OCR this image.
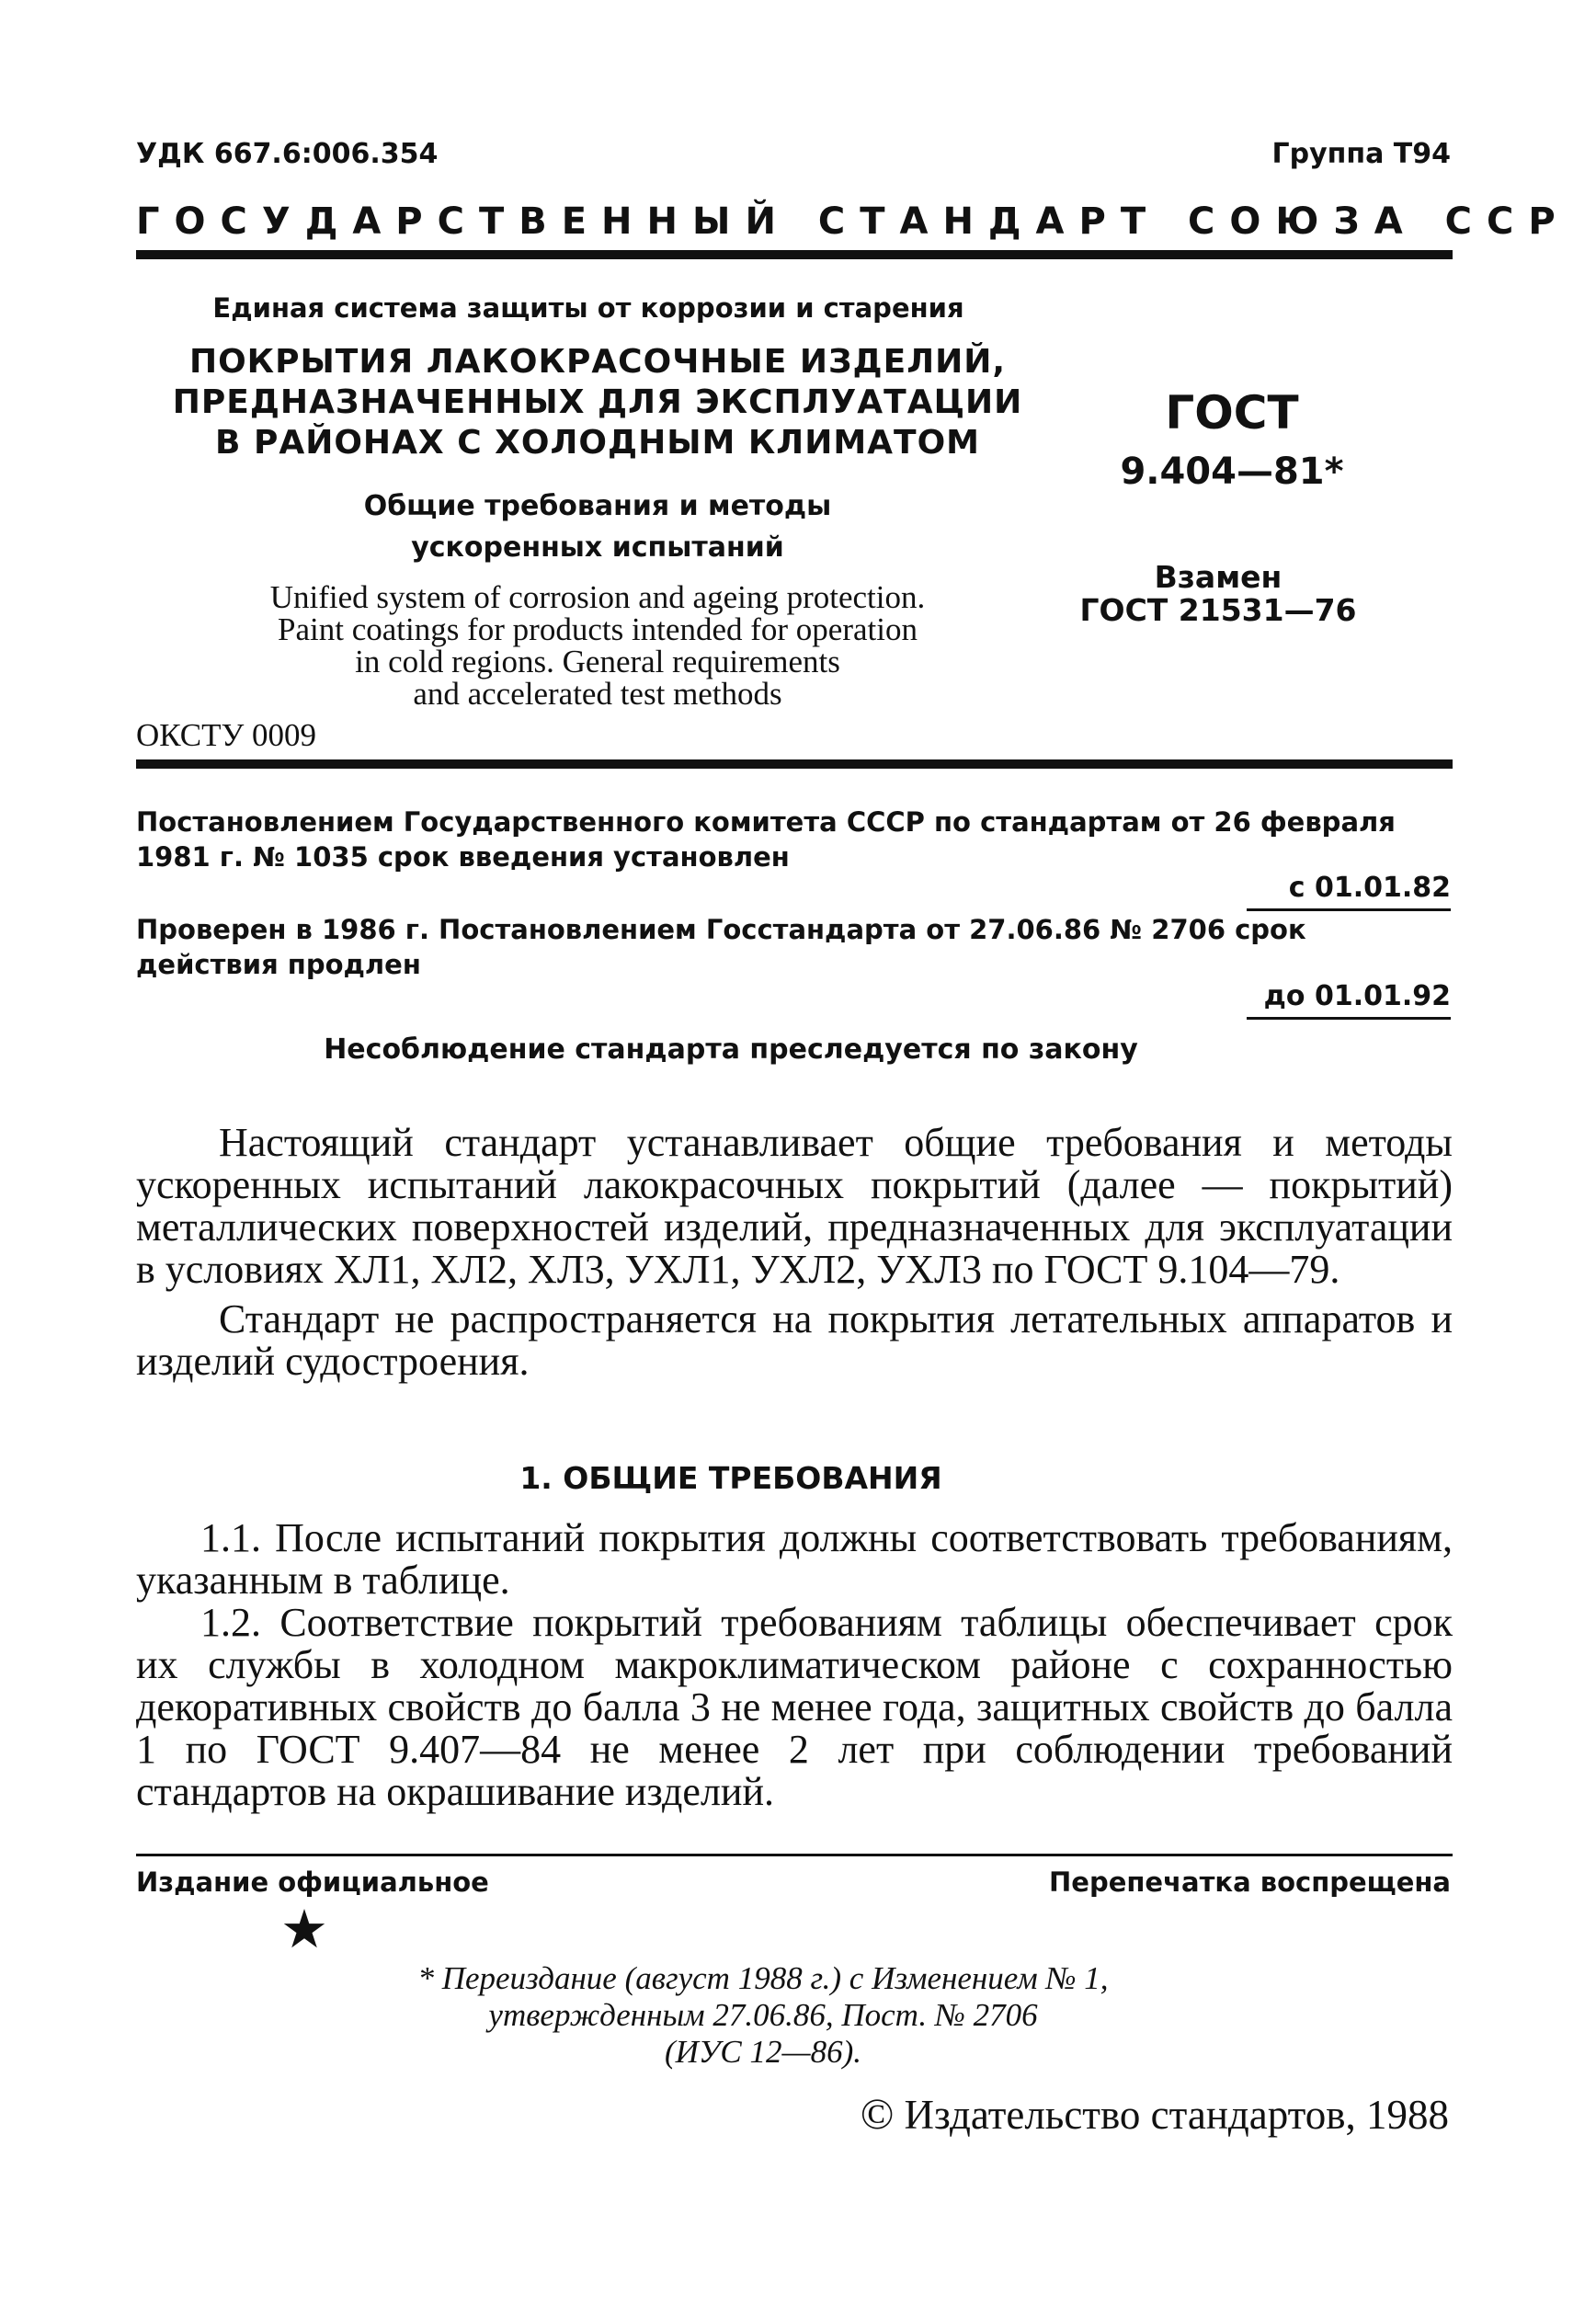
УДК 667.6:006.354	Группа Т94
ГОСУДАРСТВЕННЫЙ СТАНДАРТ СОЮЗА ССР
Единая система защиты от коррозии и старения
ПОКРЫТИЯ ЛАКОКРАСОЧНЫЕ ИЗДЕЛИЙ,
ПРЕДНАЗНАЧЕННЫХ ДЛЯ ЭКСПЛУАТАЦИИ
В РАЙОНАХ С ХОЛОДНЫМ КЛИМАТОМ
Общие требования и методы
ускоренных испытаний
Unified system of corrosion and ageing protection.
Paint coatings for products intended for operation
in cold regions. General requirements
and accelerated test methods
ОКСТУ 0009
ГОСТ
9.404—81*
Взамен
ГОСТ 21531—76
Постановлением Государственного комитета СССР по стандартам от 26 февраля 1981 г. № 1035 срок введения установлен
с 01.01.82
Проверен в 1986 г. Постановлением Госстандарта от 27.06.86 № 2706 срок действия продлен
до 01.01.92
Несоблюдение стандарта преследуется по закону

Настоящий стандарт устанавливает общие требования и методы ускоренных испытаний лакокрасочных покрытий (далее — покрытий) металлических поверхностей изделий, предназначенных для эксплуатации в условиях ХЛ1, ХЛ2, ХЛ3, УХЛ1, УХЛ2, УХЛ3 по ГОСТ 9.104—79.

Стандарт не распространяется на покрытия летательных аппаратов и изделий судостроения.

1. ОБЩИЕ ТРЕБОВАНИЯ

1.1. После испытаний покрытия должны соответствовать требованиям, указанным в таблице.

1.2. Соответствие покрытий требованиям таблицы обеспечивает срок их службы в холодном макроклиматическом районе с сохранностью декоративных свойств до балла 3 не менее года, защитных свойств до балла 1 по ГОСТ 9.407—84 не менее 2 лет при соблюдении требований стандартов на окрашивание изделий.

Издание официальное	Перепечатка воспрещена
★
* Переиздание (август 1988 г.) с Изменением № 1,
утвержденным 27.06.86, Пост. № 2706
(ИУС 12—86).
© Издательство стандартов, 1988
